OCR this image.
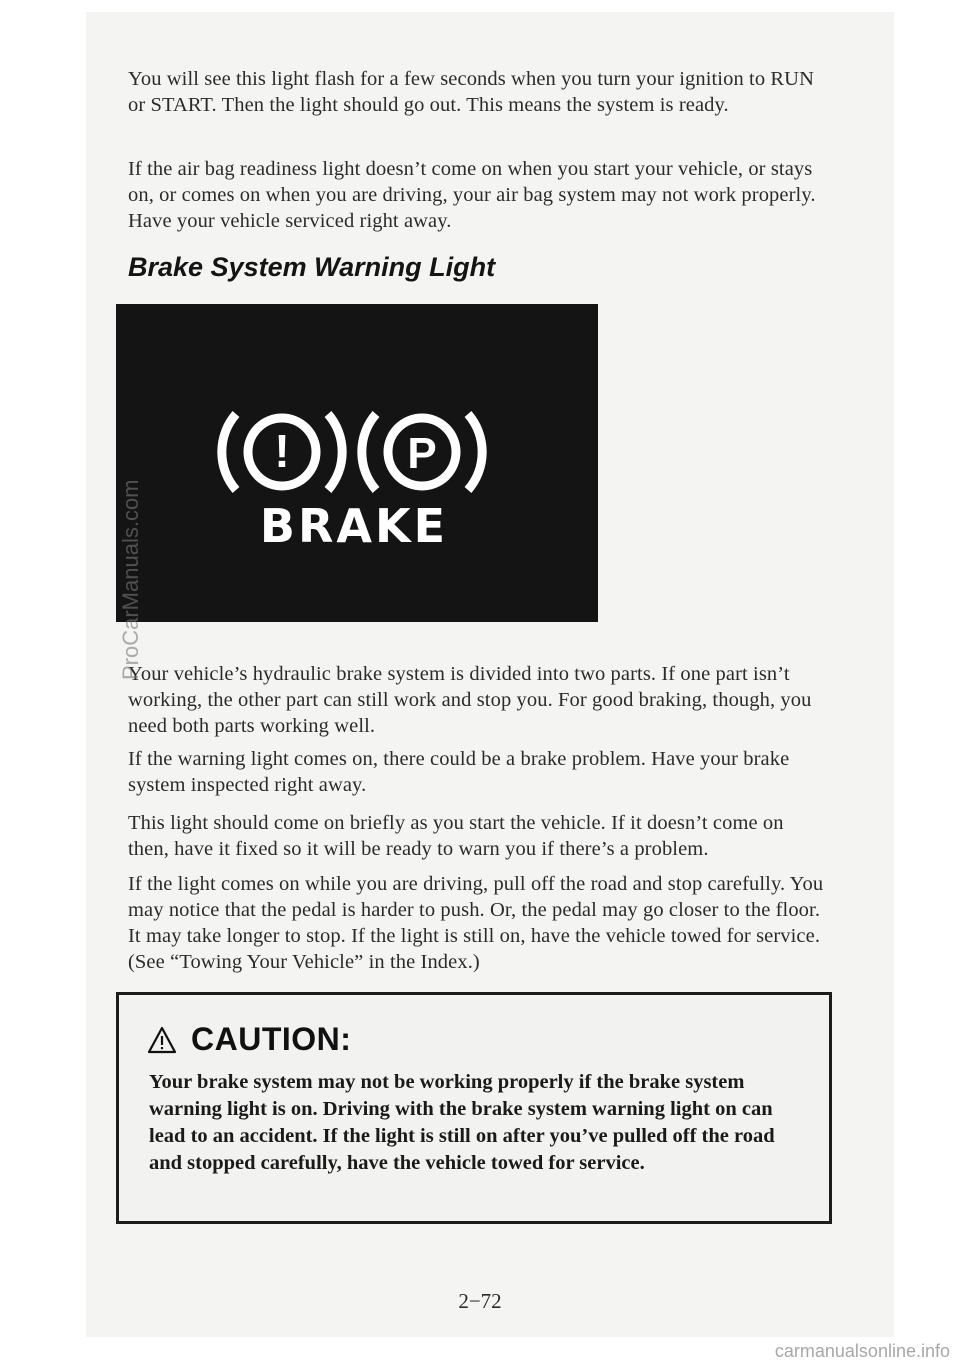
You will see this light flash for a few seconds when you turn your ignition to RUN or START. Then the light should go out. This means the system is ready.

If the air bag readiness light doesn’t come on when you start your vehicle, or stays on, or comes on when you are driving, your air bag system may not work properly. Have your vehicle serviced right away.

Brake System Warning Light
!	P
BRAKE

Your vehicle’s hydraulic brake system is divided into two parts. If one part isn’t working, the other part can still work and stop you. For good braking, though, you need both parts working well.

If the warning light comes on, there could be a brake problem. Have your brake system inspected right away.

This light should come on briefly as you start the vehicle. If it doesn’t come on then, have it fixed so it will be ready to warn you if there’s a problem.

If the light comes on while you are driving, pull off the road and stop carefully. You may notice that the pedal is harder to push. Or, the pedal may go closer to the floor. It may take longer to stop. If the light is still on, have the vehicle towed for service. (See “Towing Your Vehicle” in the Index.)

CAUTION:

Your brake system may not be working properly if the brake system warning light is on. Driving with the brake system warning light on can lead to an accident. If the light is still on after you’ve pulled off the road and stopped carefully, have the vehicle towed for service.

2−72
ProCarManuals.com
carmanualsonline.info
